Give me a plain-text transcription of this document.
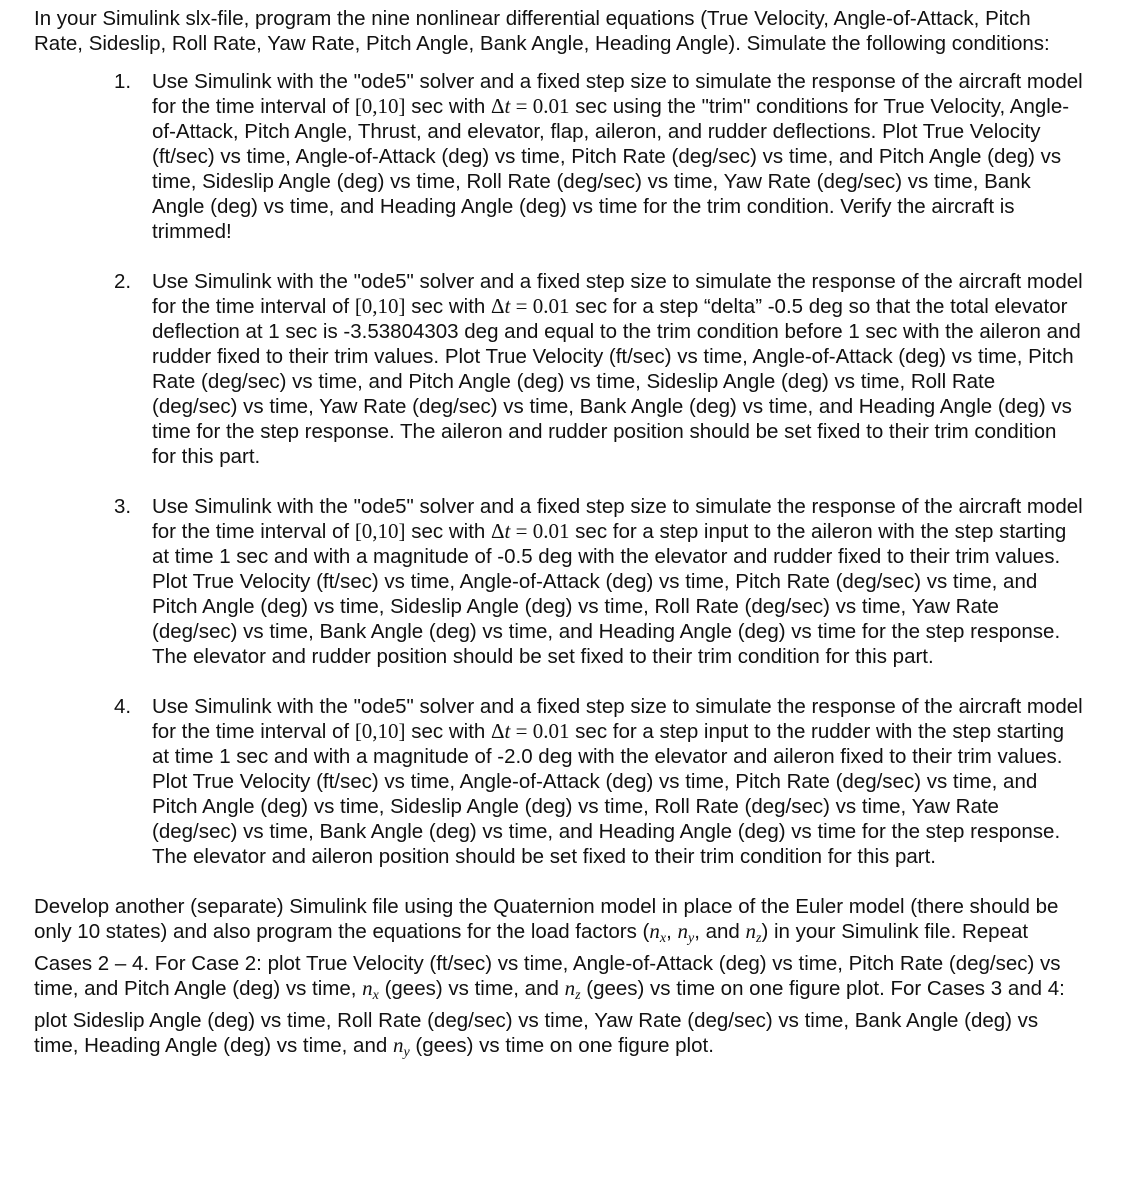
In your Simulink slx-file, program the nine nonlinear differential equations (True Velocity, Angle-of-Attack, Pitch Rate, Sideslip, Roll Rate, Yaw Rate, Pitch Angle, Bank Angle, Heading Angle). Simulate the following conditions:

1. Use Simulink with the "ode5" solver and a fixed step size to simulate the response of the aircraft model for the time interval of [0,10] sec with Δt = 0.01 sec using the "trim" conditions for True Velocity, Angle-of-Attack, Pitch Angle, Thrust, and elevator, flap, aileron, and rudder deflections. Plot True Velocity (ft/sec) vs time, Angle-of-Attack (deg) vs time, Pitch Rate (deg/sec) vs time, and Pitch Angle (deg) vs time, Sideslip Angle (deg) vs time, Roll Rate (deg/sec) vs time, Yaw Rate (deg/sec) vs time, Bank Angle (deg) vs time, and Heading Angle (deg) vs time for the trim condition. Verify the aircraft is trimmed!
2. Use Simulink with the "ode5" solver and a fixed step size to simulate the response of the aircraft model for the time interval of [0,10] sec with Δt = 0.01 sec for a step “delta” -0.5 deg so that the total elevator deflection at 1 sec is -3.53804303 deg and equal to the trim condition before 1 sec with the aileron and rudder fixed to their trim values. Plot True Velocity (ft/sec) vs time, Angle-of-Attack (deg) vs time, Pitch Rate (deg/sec) vs time, and Pitch Angle (deg) vs time, Sideslip Angle (deg) vs time, Roll Rate (deg/sec) vs time, Yaw Rate (deg/sec) vs time, Bank Angle (deg) vs time, and Heading Angle (deg) vs time for the step response. The aileron and rudder position should be set fixed to their trim condition for this part.
3. Use Simulink with the "ode5" solver and a fixed step size to simulate the response of the aircraft model for the time interval of [0,10] sec with Δt = 0.01 sec for a step input to the aileron with the step starting at time 1 sec and with a magnitude of -0.5 deg with the elevator and rudder fixed to their trim values. Plot True Velocity (ft/sec) vs time, Angle-of-Attack (deg) vs time, Pitch Rate (deg/sec) vs time, and Pitch Angle (deg) vs time, Sideslip Angle (deg) vs time, Roll Rate (deg/sec) vs time, Yaw Rate (deg/sec) vs time, Bank Angle (deg) vs time, and Heading Angle (deg) vs time for the step response. The elevator and rudder position should be set fixed to their trim condition for this part.
4. Use Simulink with the "ode5" solver and a fixed step size to simulate the response of the aircraft model for the time interval of [0,10] sec with Δt = 0.01 sec for a step input to the rudder with the step starting at time 1 sec and with a magnitude of -2.0 deg with the elevator and aileron fixed to their trim values. Plot True Velocity (ft/sec) vs time, Angle-of-Attack (deg) vs time, Pitch Rate (deg/sec) vs time, and Pitch Angle (deg) vs time, Sideslip Angle (deg) vs time, Roll Rate (deg/sec) vs time, Yaw Rate (deg/sec) vs time, Bank Angle (deg) vs time, and Heading Angle (deg) vs time for the step response. The elevator and aileron position should be set fixed to their trim condition for this part.

Develop another (separate) Simulink file using the Quaternion model in place of the Euler model (there should be only 10 states) and also program the equations for the load factors ($n_x$, $n_y$, and $n_z$) in your Simulink file. Repeat Cases 2 – 4. For Case 2: plot True Velocity (ft/sec) vs time, Angle-of-Attack (deg) vs time, Pitch Rate (deg/sec) vs time, and Pitch Angle (deg) vs time, $n_x$ (gees) vs time, and $n_z$ (gees) vs time on one figure plot. For Cases 3 and 4: plot Sideslip Angle (deg) vs time, Roll Rate (deg/sec) vs time, Yaw Rate (deg/sec) vs time, Bank Angle (deg) vs time, Heading Angle (deg) vs time, and $n_y$ (gees) vs time on one figure plot.
